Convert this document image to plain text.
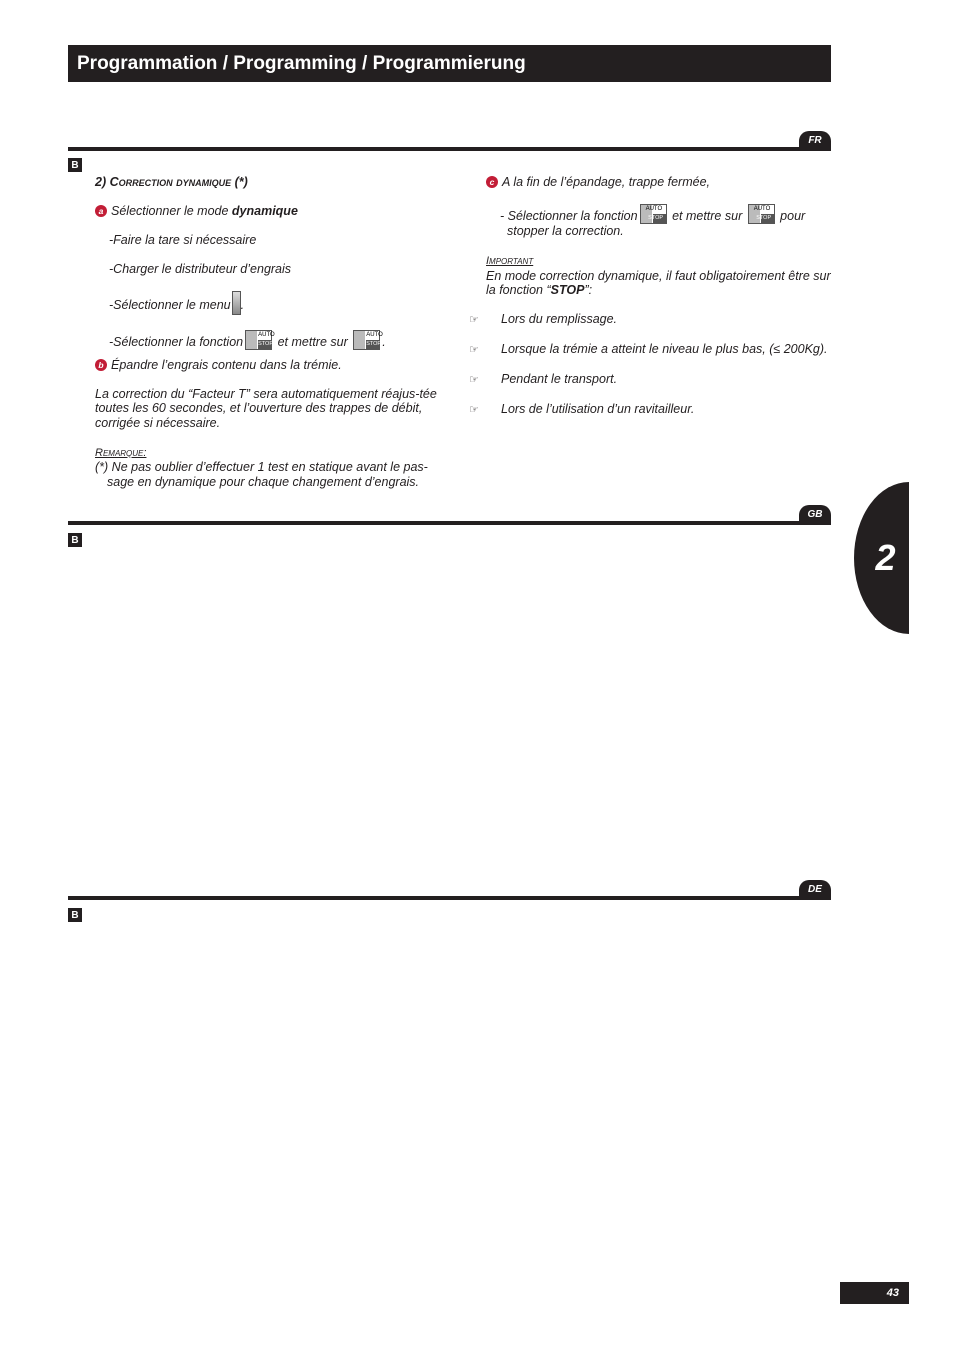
Programmation / Programming / Programmierung
FR
B

2) Correction dynamique (*)

a Sélectionner le mode dynamique

-Faire la tare si nécessaire

-Charger le distributeur d’engrais

-Sélectionner le menu .

-Sélectionner la fonction	AUTO
STOP et mettre sur	AUTO
STOP .

b Épandre l’engrais contenu dans la trémie.

La correction du “Facteur T” sera automatiquement réajus-tée toutes les 60 secondes, et l’ouverture des trappes de débit, corrigée si nécessaire.

Remarque:

(*) Ne pas oublier d’effectuer 1 test en statique avant le pas-sage en dynamique pour chaque changement d’engrais.

c A la fin de l’épandage, trappe fermée,

- Sélectionner la fonction AUTO
STOP et mettre sur AUTO
STOP pour stopper la correction.

Important

En mode correction dynamique, il faut obligatoirement être sur la fonction “STOP”:

☞ Lors du remplissage.

☞ Lorsque la trémie a atteint le niveau le plus bas, (≤ 200Kg).

☞ Pendant le transport.

☞ Lors de l’utilisation d’un ravitailleur.

GB
B
DE
B
2
43
